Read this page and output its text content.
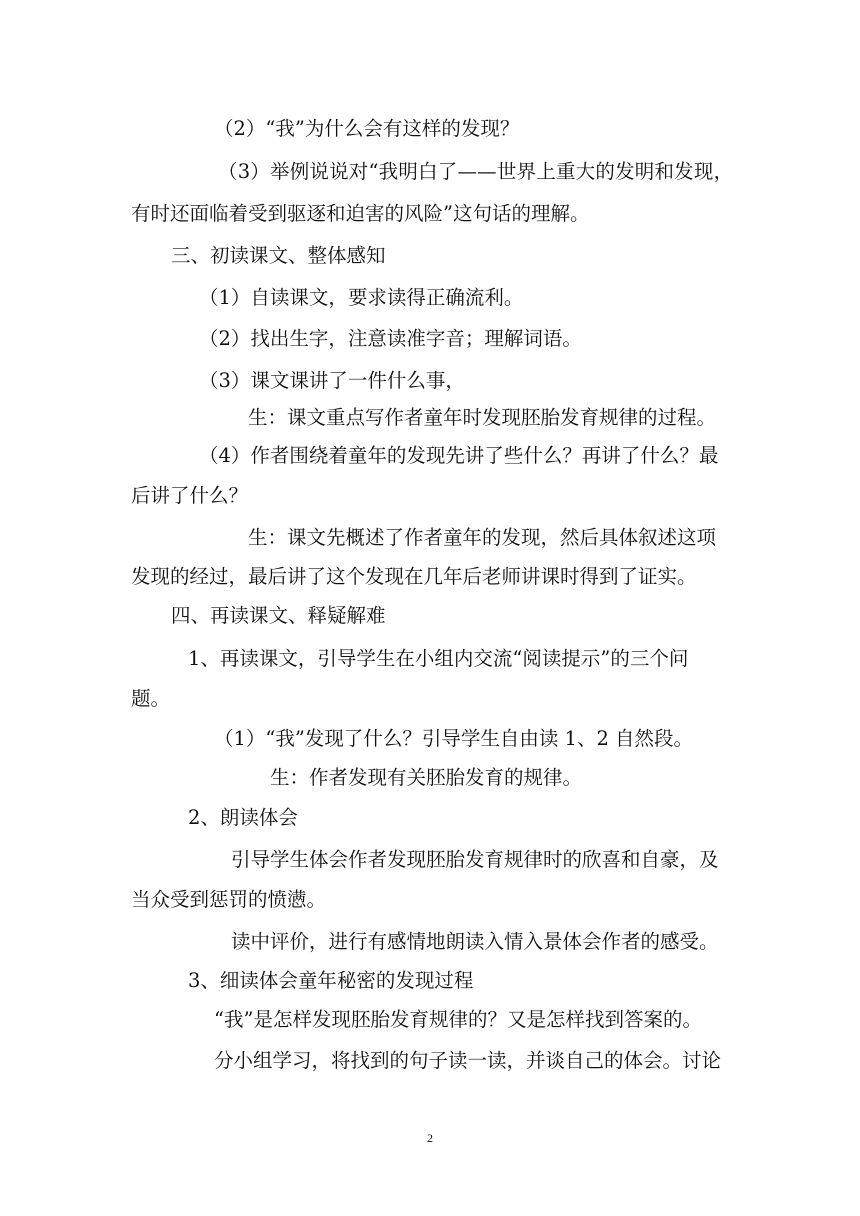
（2）“我”为什么会有这样的发现？

（3）举例说说对“我明白了——世界上重大的发明和发现，

有时还面临着受到驱逐和迫害的风险”这句话的理解。

三、初读课文、整体感知

（1）自读课文，要求读得正确流利。

（2）找出生字，注意读准字音；理解词语。

（3）课文课讲了一件什么事，

生：课文重点写作者童年时发现胚胎发育规律的过程。

（4）作者围绕着童年的发现先讲了些什么？再讲了什么？最

后讲了什么？

生：课文先概述了作者童年的发现，然后具体叙述这项

发现的经过，最后讲了这个发现在几年后老师讲课时得到了证实。

四、再读课文、释疑解难

1、再读课文，引导学生在小组内交流“阅读提示”的三个问

题。

（1）“我”发现了什么？引导学生自由读 1、2 自然段。

生：作者发现有关胚胎发育的规律。

2、朗读体会

引导学生体会作者发现胚胎发育规律时的欣喜和自豪，及

当众受到惩罚的愤懑。

读中评价，进行有感情地朗读入情入景体会作者的感受。

3、细读体会童年秘密的发现过程

“我”是怎样发现胚胎发育规律的？又是怎样找到答案的。

分小组学习，将找到的句子读一读，并谈自己的体会。讨论

2
